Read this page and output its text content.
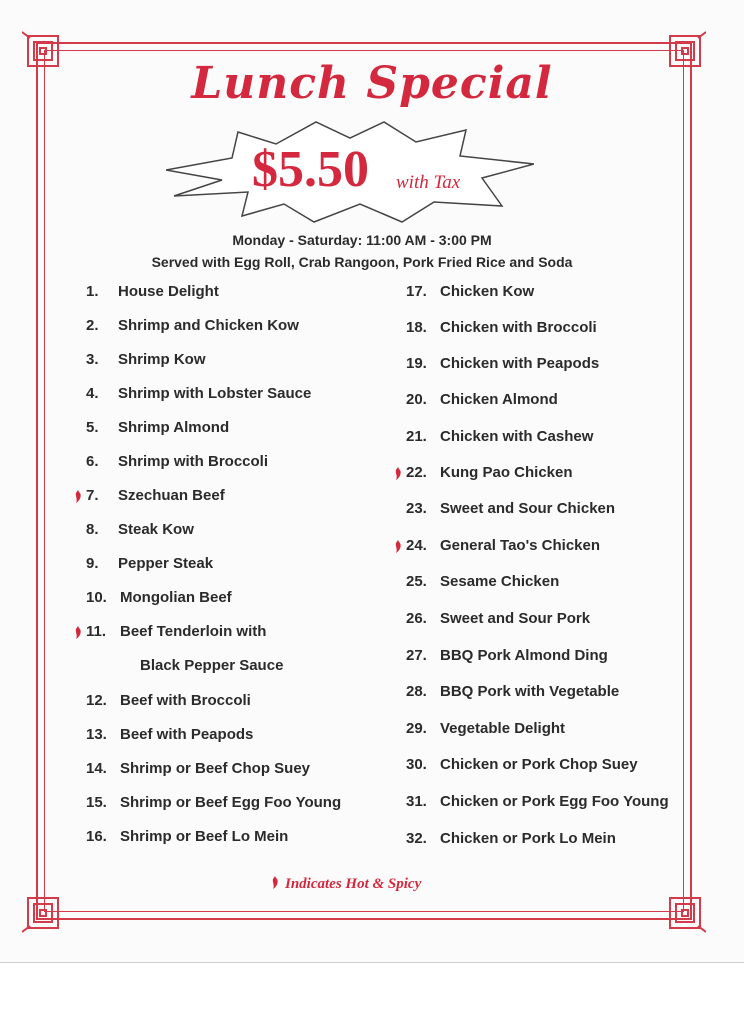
Lunch Special
$5.50 with Tax
Monday - Saturday: 11:00 AM - 3:00 PM
Served with Egg Roll, Crab Rangoon, Pork Fried Rice and Soda
1. House Delight
2. Shrimp and Chicken Kow
3. Shrimp Kow
4. Shrimp with Lobster Sauce
5. Shrimp Almond
6. Shrimp with Broccoli
7. Szechuan Beef
8. Steak Kow
9. Pepper Steak
10. Mongolian Beef
11. Beef Tenderloin with
Black Pepper Sauce
12. Beef with Broccoli
13. Beef with Peapods
14. Shrimp or Beef Chop Suey
15. Shrimp or Beef Egg Foo Young
16. Shrimp or Beef Lo Mein
17. Chicken Kow
18. Chicken with Broccoli
19. Chicken with Peapods
20. Chicken Almond
21. Chicken with Cashew
22. Kung Pao Chicken
23. Sweet and Sour Chicken
24. General Tao's Chicken
25. Sesame Chicken
26. Sweet and Sour Pork
27. BBQ Pork Almond Ding
28. BBQ Pork with Vegetable
29. Vegetable Delight
30. Chicken or Pork Chop Suey
31. Chicken or Pork Egg Foo Young
32. Chicken or Pork Lo Mein
Indicates Hot & Spicy
